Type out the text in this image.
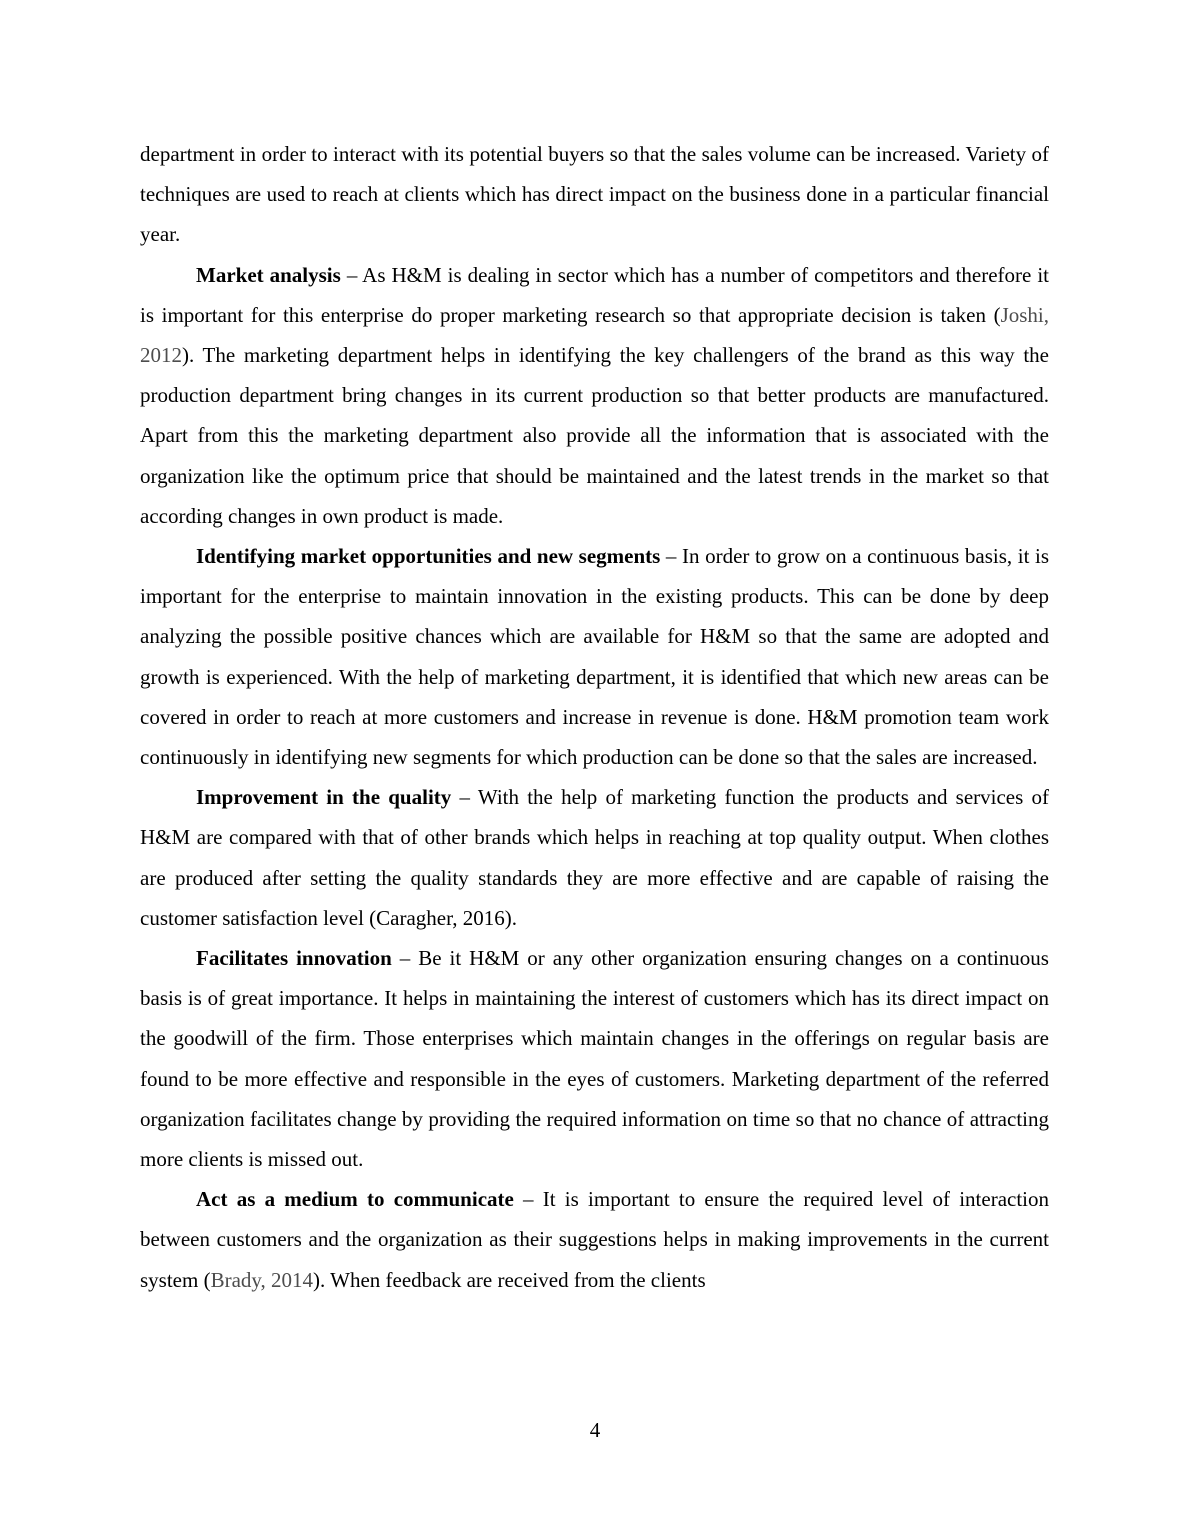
department in order to interact with its potential buyers so that the sales volume can be increased. Variety of techniques are used to reach at clients which has direct impact on the business done in a particular financial year.

Market analysis – As H&M is dealing in sector which has a number of competitors and therefore it is important for this enterprise do proper marketing research so that appropriate decision is taken (Joshi, 2012). The marketing department helps in identifying the key challengers of the brand as this way the production department bring changes in its current production so that better products are manufactured. Apart from this the marketing department also provide all the information that is associated with the organization like the optimum price that should be maintained and the latest trends in the market so that according changes in own product is made.

Identifying market opportunities and new segments – In order to grow on a continuous basis, it is important for the enterprise to maintain innovation in the existing products. This can be done by deep analyzing the possible positive chances which are available for H&M so that the same are adopted and growth is experienced. With the help of marketing department, it is identified that which new areas can be covered in order to reach at more customers and increase in revenue is done. H&M promotion team work continuously in identifying new segments for which production can be done so that the sales are increased.

Improvement in the quality – With the help of marketing function the products and services of H&M are compared with that of other brands which helps in reaching at top quality output. When clothes are produced after setting the quality standards they are more effective and are capable of raising the customer satisfaction level (Caragher, 2016).

Facilitates innovation – Be it H&M or any other organization ensuring changes on a continuous basis is of great importance. It helps in maintaining the interest of customers which has its direct impact on the goodwill of the firm. Those enterprises which maintain changes in the offerings on regular basis are found to be more effective and responsible in the eyes of customers. Marketing department of the referred organization facilitates change by providing the required information on time so that no chance of attracting more clients is missed out.

Act as a medium to communicate – It is important to ensure the required level of interaction between customers and the organization as their suggestions helps in making improvements in the current system (Brady, 2014). When feedback are received from the clients

4
